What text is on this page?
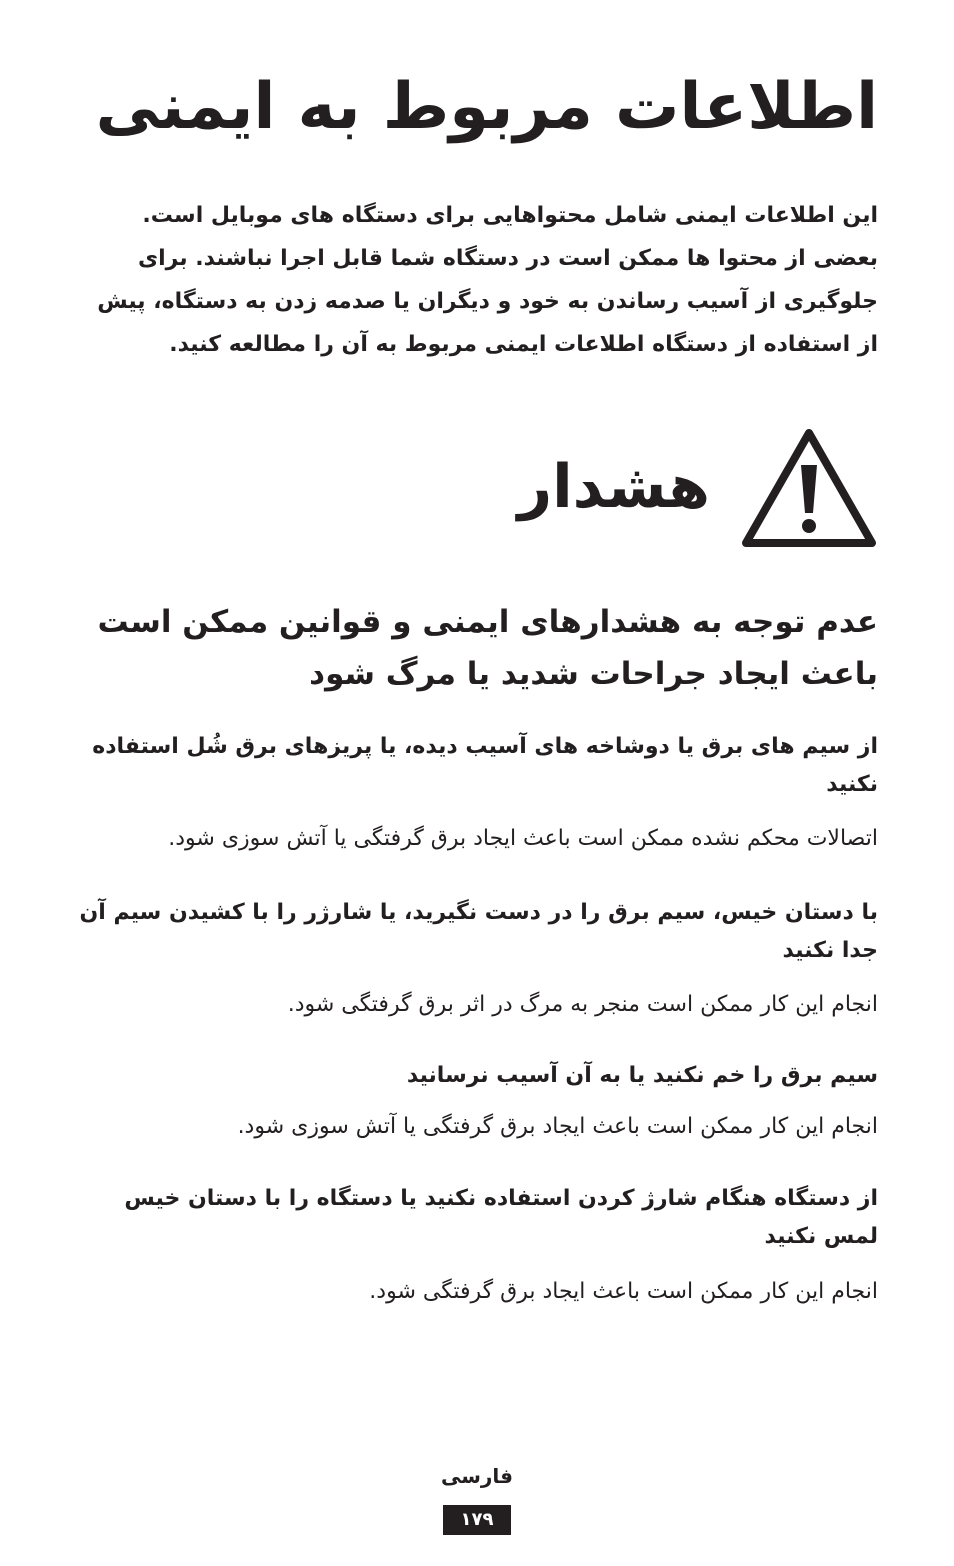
اطلاعات مربوط به ایمنی
این اطلاعات ایمنی شامل محتواهایی برای دستگاه های موبایل است. بعضی از محتوا ها ممکن است در دستگاه شما قابل اجرا نباشند. برای جلوگیری از آسیب رساندن به خود و دیگران یا صدمه زدن به دستگاه، پیش از استفاده از دستگاه اطلاعات ایمنی مربوط به آن را مطالعه کنید.
هشدار
عدم توجه به هشدارهای ایمنی و قوانین ممکن است باعث ایجاد جراحات شدید یا مرگ شود
از سیم های برق یا دوشاخه های آسیب دیده، یا پریزهای برق شُل استفاده نکنید
اتصالات محکم نشده ممکن است باعث ایجاد برق گرفتگی یا آتش سوزی شود.
با دستان خیس، سیم برق را در دست نگیرید، یا شارژر را با کشیدن سیم آن جدا نکنید
انجام این کار ممکن است منجر به مرگ در اثر برق گرفتگی شود.
سیم برق را خم نکنید یا به آن آسیب نرسانید
انجام این کار ممکن است باعث ایجاد برق گرفتگی یا آتش سوزی شود.
از دستگاه هنگام شارژ کردن استفاده نکنید یا دستگاه را با دستان خیس لمس نکنید
انجام این کار ممکن است باعث ایجاد برق گرفتگی شود.
فارسی
۱۷۹
